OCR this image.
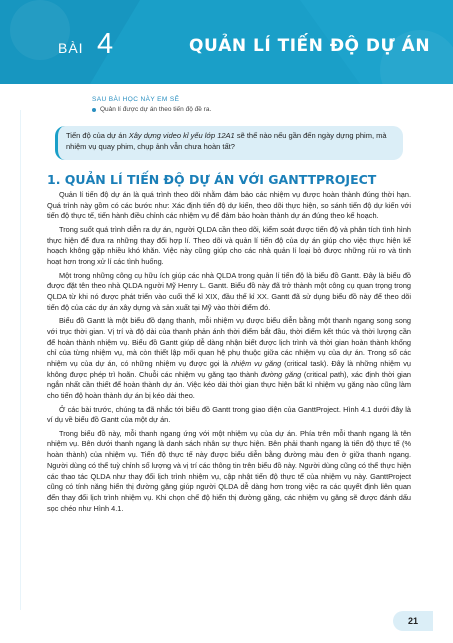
BÀI 4	QUẢN LÍ TIẾN ĐỘ DỰ ÁN
SAU BÀI HỌC NÀY EM SẼ
Quản lí được dự án theo tiến độ đề ra.
Tiến độ của dự án Xây dựng video kỉ yếu lớp 12A1 sẽ thế nào nếu gần đến ngày dựng phim, mà nhiệm vụ quay phim, chụp ảnh vẫn chưa hoàn tất?
1. QUẢN LÍ TIẾN ĐỘ DỰ ÁN VỚI GANTTPROJECT

Quản lí tiến độ dự án là quá trình theo dõi nhằm đảm bảo các nhiệm vụ được hoàn thành đúng thời hạn. Quá trình này gồm có các bước như: Xác định tiến độ dự kiến, theo dõi thực hiện, so sánh tiến độ dự kiến với tiến độ thực tế, tiến hành điều chỉnh các nhiệm vụ để đảm bảo hoàn thành dự án đúng theo kế hoạch.

Trong suốt quá trình diễn ra dự án, người QLDA cần theo dõi, kiểm soát được tiến độ và phân tích tình hình thực hiện để đưa ra những thay đổi hợp lí. Theo dõi và quản lí tiến độ của dự án giúp cho việc thực hiện kế hoạch không gặp nhiều khó khăn. Việc này cũng giúp cho các nhà quản lí loại bỏ được những rủi ro và tình hoạt hơn trong xử lí các tình huống.

Một trong những công cụ hữu ích giúp các nhà QLDA trong quản lí tiến độ là biểu đồ Gantt. Đây là biểu đồ được đặt tên theo nhà QLDA người Mỹ Henry L. Gantt. Biểu đồ này đã trở thành một công cụ quan trọng trong QLDA từ khi nó được phát triển vào cuối thế kỉ XIX, đầu thế kỉ XX. Gantt đã sử dụng biểu đồ này để theo dõi tiến độ của các dự án xây dựng và sản xuất tại Mỹ vào thời điểm đó.

Biểu đồ Gantt là một biểu đồ dạng thanh, mỗi nhiệm vụ được biểu diễn bằng một thanh ngang song song với trục thời gian. Vị trí và độ dài của thanh phản ánh thời điểm bắt đầu, thời điểm kết thúc và thời lượng cần để hoàn thành nhiệm vụ. Biểu đồ Gantt giúp dễ dàng nhận biết được lịch trình và thời gian hoàn thành khống chỉ của từng nhiệm vụ, mà còn thiết lập mối quan hệ phụ thuộc giữa các nhiệm vụ của dự án. Trong số các nhiệm vụ của dự án, có những nhiệm vụ được gọi là nhiệm vụ găng (critical task). Đây là những nhiệm vụ không được phép trì hoãn. Chuỗi các nhiệm vụ găng tạo thành đường găng (critical path), xác định thời gian ngắn nhất cần thiết để hoàn thành dự án. Việc kéo dài thời gian thực hiện bất kì nhiệm vụ găng nào cũng làm cho tiến độ hoàn thành dự án bị kéo dài theo.

Ở các bài trước, chúng ta đã nhắc tới biểu đồ Gantt trong giao diện của GanttProject. Hình 4.1 dưới đây là ví dụ về biểu đồ Gantt của một dự án.

Trong biểu đồ này, mỗi thanh ngang ứng với một nhiệm vụ của dự án. Phía trên mỗi thanh ngang là tên nhiệm vụ. Bên dưới thanh ngang là danh sách nhân sự thực hiện. Bên phải thanh ngang là tiến độ thực tế (% hoàn thành) của nhiệm vụ. Tiến độ thực tế này được biểu diễn bằng đường màu đen ở giữa thanh ngang. Người dùng có thể tuỳ chỉnh số lượng và vị trí các thông tin trên biểu đồ này. Người dùng cũng có thể thực hiện các thao tác QLDA như thay đổi lịch trình nhiệm vụ, cập nhật tiến độ thực tế của nhiệm vụ này. GanttProject cũng có tính năng hiển thị đường găng giúp người QLDA dễ dàng hơn trong việc ra các quyết định liên quan đến thay đổi lịch trình nhiệm vụ. Khi chọn chế độ hiển thị đường găng, các nhiệm vụ găng sẽ được đánh dấu sọc chéo như Hình 4.1.

21
